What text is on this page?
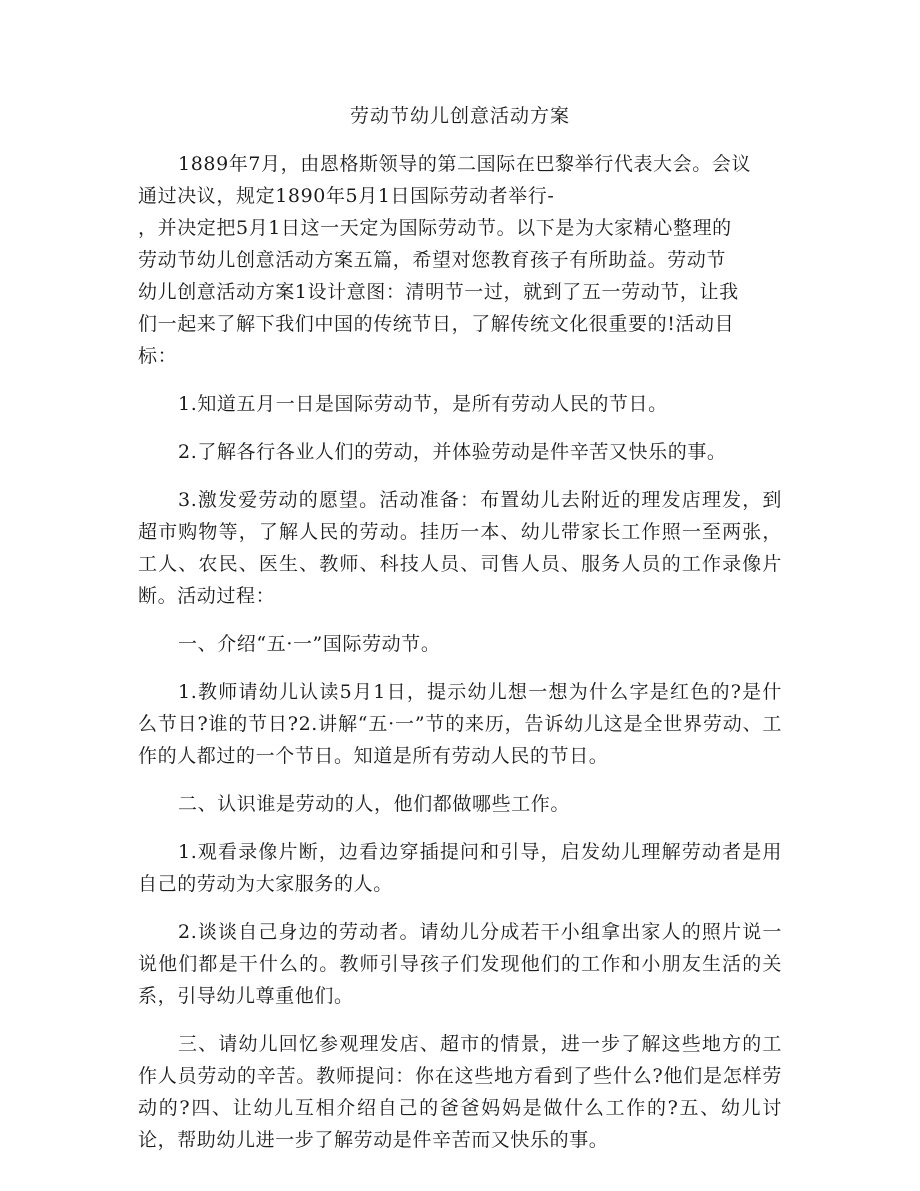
劳动节幼儿创意活动方案
1889年7月，由恩格斯领导的第二国际在巴黎举行代表大会。会议
通过决议，规定1890年5月1日国际劳动者举行-
，并决定把5月1日这一天定为国际劳动节。以下是为大家精心整理的
劳动节幼儿创意活动方案五篇，希望对您教育孩子有所助益。劳动节
幼儿创意活动方案1设计意图：清明节一过，就到了五一劳动节，让我
们一起来了解下我们中国的传统节日，了解传统文化很重要的!活动目
标：

1.知道五月一日是国际劳动节，是所有劳动人民的节日。

2.了解各行各业人们的劳动，并体验劳动是件辛苦又快乐的事。

3.激发爱劳动的愿望。活动准备：布置幼儿去附近的理发店理发，到超市购物等，了解人民的劳动。挂历一本、幼儿带家长工作照一至两张，工人、农民、医生、教师、科技人员、司售人员、服务人员的工作录像片断。活动过程：

一、介绍“五·一”国际劳动节。

1.教师请幼儿认读5月1日，提示幼儿想一想为什么字是红色的?是什么节日?谁的节日?2.讲解“五·一”节的来历，告诉幼儿这是全世界劳动、工作的人都过的一个节日。知道是所有劳动人民的节日。

二、认识谁是劳动的人，他们都做哪些工作。

1.观看录像片断，边看边穿插提问和引导，启发幼儿理解劳动者是用自己的劳动为大家服务的人。

2.谈谈自己身边的劳动者。请幼儿分成若干小组拿出家人的照片说一说他们都是干什么的。教师引导孩子们发现他们的工作和小朋友生活的关系，引导幼儿尊重他们。

三、请幼儿回忆参观理发店、超市的情景，进一步了解这些地方的工作人员劳动的辛苦。教师提问：你在这些地方看到了些什么?他们是怎样劳动的?四、让幼儿互相介绍自己的爸爸妈妈是做什么工作的?五、幼儿讨论，帮助幼儿进一步了解劳动是件辛苦而又快乐的事。
